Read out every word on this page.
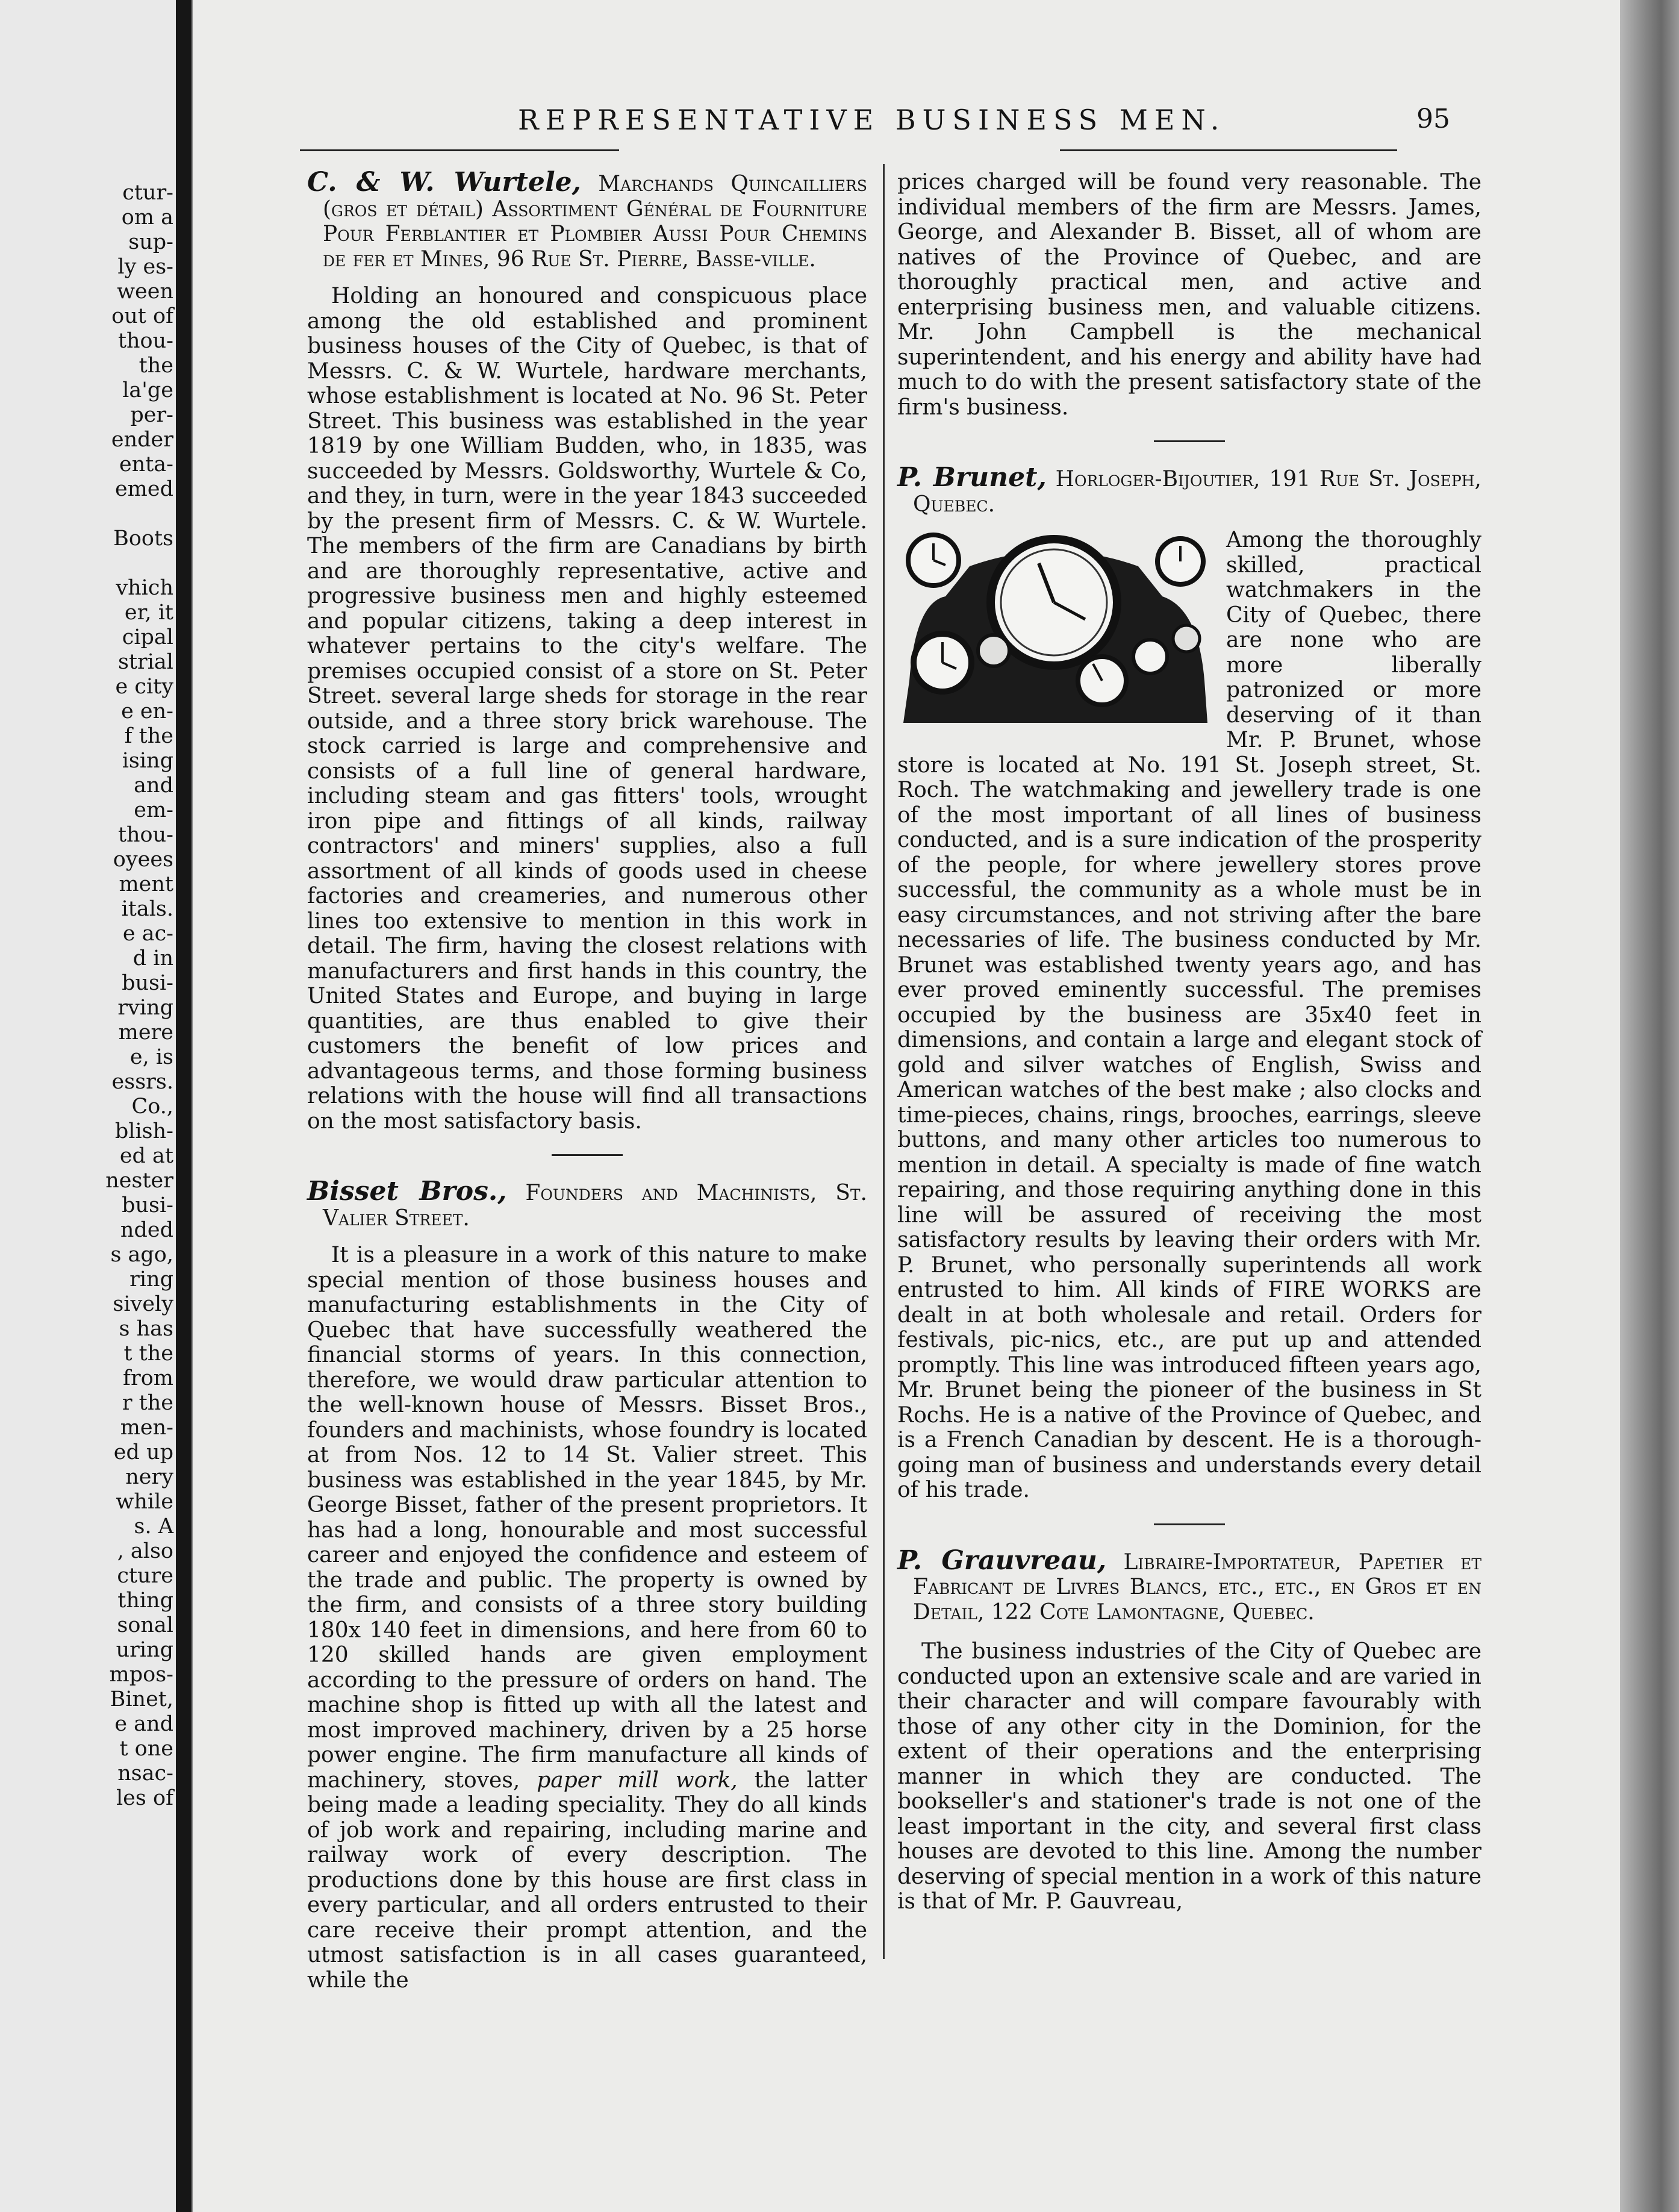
ctur-

om a

sup-

ly es-

ween

out of

thou-

the

la'ge

per-

ender

enta-

emed

Boots

vhich

er, it

cipal

strial

e city

e en-

f the

ising

and

em-

thou-

oyees

ment

itals.

e ac-

d in

busi-

rving

mere

e, is

essrs.

Co.,

blish-

ed at

nester

busi-

nded

s ago,

ring

sively

s has

t the

from

r the

men-

ed up

nery

while

s. A

, also

cture

thing

sonal

uring

mpos-

Binet,

e and

t one

nsac-

les of

REPRESENTATIVE BUSINESS MEN.	95

C. & W. Wurtele, Marchands Quincailliers (gros et détail) Assortiment Général de Fourniture Pour Ferblantier et Plombier Aussi Pour Chemins de fer et Mines, 96 Rue St. Pierre, Basse-ville.

Holding an honoured and conspicuous place among the old established and prominent business houses of the City of Quebec, is that of Messrs. C. & W. Wurtele, hardware merchants, whose establishment is located at No. 96 St. Peter Street. This business was established in the year 1819 by one William Budden, who, in 1835, was succeeded by Messrs. Goldsworthy, Wurtele & Co, and they, in turn, were in the year 1843 succeeded by the present firm of Messrs. C. & W. Wurtele. The members of the firm are Canadians by birth and are thoroughly representative, active and progressive business men and highly esteemed and popular citizens, taking a deep interest in whatever pertains to the city's welfare. The premises occupied consist of a store on St. Peter Street. several large sheds for storage in the rear outside, and a three story brick warehouse. The stock carried is large and comprehensive and consists of a full line of general hardware, including steam and gas fitters' tools, wrought iron pipe and fittings of all kinds, railway contractors' and miners' supplies, also a full assortment of all kinds of goods used in cheese factories and creameries, and numerous other lines too extensive to mention in this work in detail. The firm, having the closest relations with manufacturers and first hands in this country, the United States and Europe, and buying in large quantities, are thus enabled to give their customers the benefit of low prices and advantageous terms, and those forming business relations with the house will find all transactions on the most satisfactory basis.

Bisset Bros., Founders and Machinists, St. Valier Street.

It is a pleasure in a work of this nature to make special mention of those business houses and manufacturing establishments in the City of Quebec that have successfully weathered the financial storms of years. In this connection, therefore, we would draw particular attention to the well-known house of Messrs. Bisset Bros., founders and machinists, whose foundry is located at from Nos. 12 to 14 St. Valier street. This business was established in the year 1845, by Mr. George Bisset, father of the present proprietors. It has had a long, honourable and most successful career and enjoyed the confidence and esteem of the trade and public. The property is owned by the firm, and consists of a three story building 180x 140 feet in dimensions, and here from 60 to 120 skilled hands are given employment according to the pressure of orders on hand. The machine shop is fitted up with all the latest and most improved machinery, driven by a 25 horse power engine. The firm manufacture all kinds of machinery, stoves, paper mill work, the latter being made a leading speciality. They do all kinds of job work and repairing, including marine and railway work of every description. The productions done by this house are first class in every particular, and all orders entrusted to their care receive their prompt attention, and the utmost satisfaction is in all cases guaranteed, while the

prices charged will be found very reasonable. The individual members of the firm are Messrs. James, George, and Alexander B. Bisset, all of whom are natives of the Province of Quebec, and are thoroughly practical men, and active and enterprising business men, and valuable citizens. Mr. John Campbell is the mechanical superintendent, and his energy and ability have had much to do with the present satisfactory state of the firm's business.

P. Brunet, Horloger-Bijoutier, 191 Rue St. Joseph, Quebec.

Among the thoroughly skilled, practical watchmakers in the City of Quebec, there are none who are more liberally patronized or more deserving of it than Mr. P. Brunet, whose store is located at No. 191 St. Joseph street, St. Roch. The watchmaking and jewellery trade is one of the most important of all lines of business conducted, and is a sure indication of the prosperity of the people, for where jewellery stores prove successful, the community as a whole must be in easy circumstances, and not striving after the bare necessaries of life. The business conducted by Mr. Brunet was established twenty years ago, and has ever proved eminently successful. The premises occupied by the business are 35x40 feet in dimensions, and contain a large and elegant stock of gold and silver watches of English, Swiss and American watches of the best make ; also clocks and time-pieces, chains, rings, brooches, earrings, sleeve buttons, and many other articles too numerous to mention in detail. A specialty is made of fine watch repairing, and those requiring anything done in this line will be assured of receiving the most satisfactory results by leaving their orders with Mr. P. Brunet, who personally superintends all work entrusted to him. All kinds of FIRE WORKS are dealt in at both wholesale and retail. Orders for festivals, pic-nics, etc., are put up and attended promptly. This line was introduced fifteen years ago, Mr. Brunet being the pioneer of the business in St Rochs. He is a native of the Province of Quebec, and is a French Canadian by descent. He is a thorough-going man of business and understands every detail of his trade.

P. Grauvreau, Libraire-Importateur, Papetier et Fabricant de Livres Blancs, etc., etc., en Gros et en Detail, 122 Cote Lamontagne, Quebec.

The business industries of the City of Quebec are conducted upon an extensive scale and are varied in their character and will compare favourably with those of any other city in the Dominion, for the extent of their operations and the enterprising manner in which they are conducted. The bookseller's and stationer's trade is not one of the least important in the city, and several first class houses are devoted to this line. Among the number deserving of special mention in a work of this nature is that of Mr. P. Gauvreau,
